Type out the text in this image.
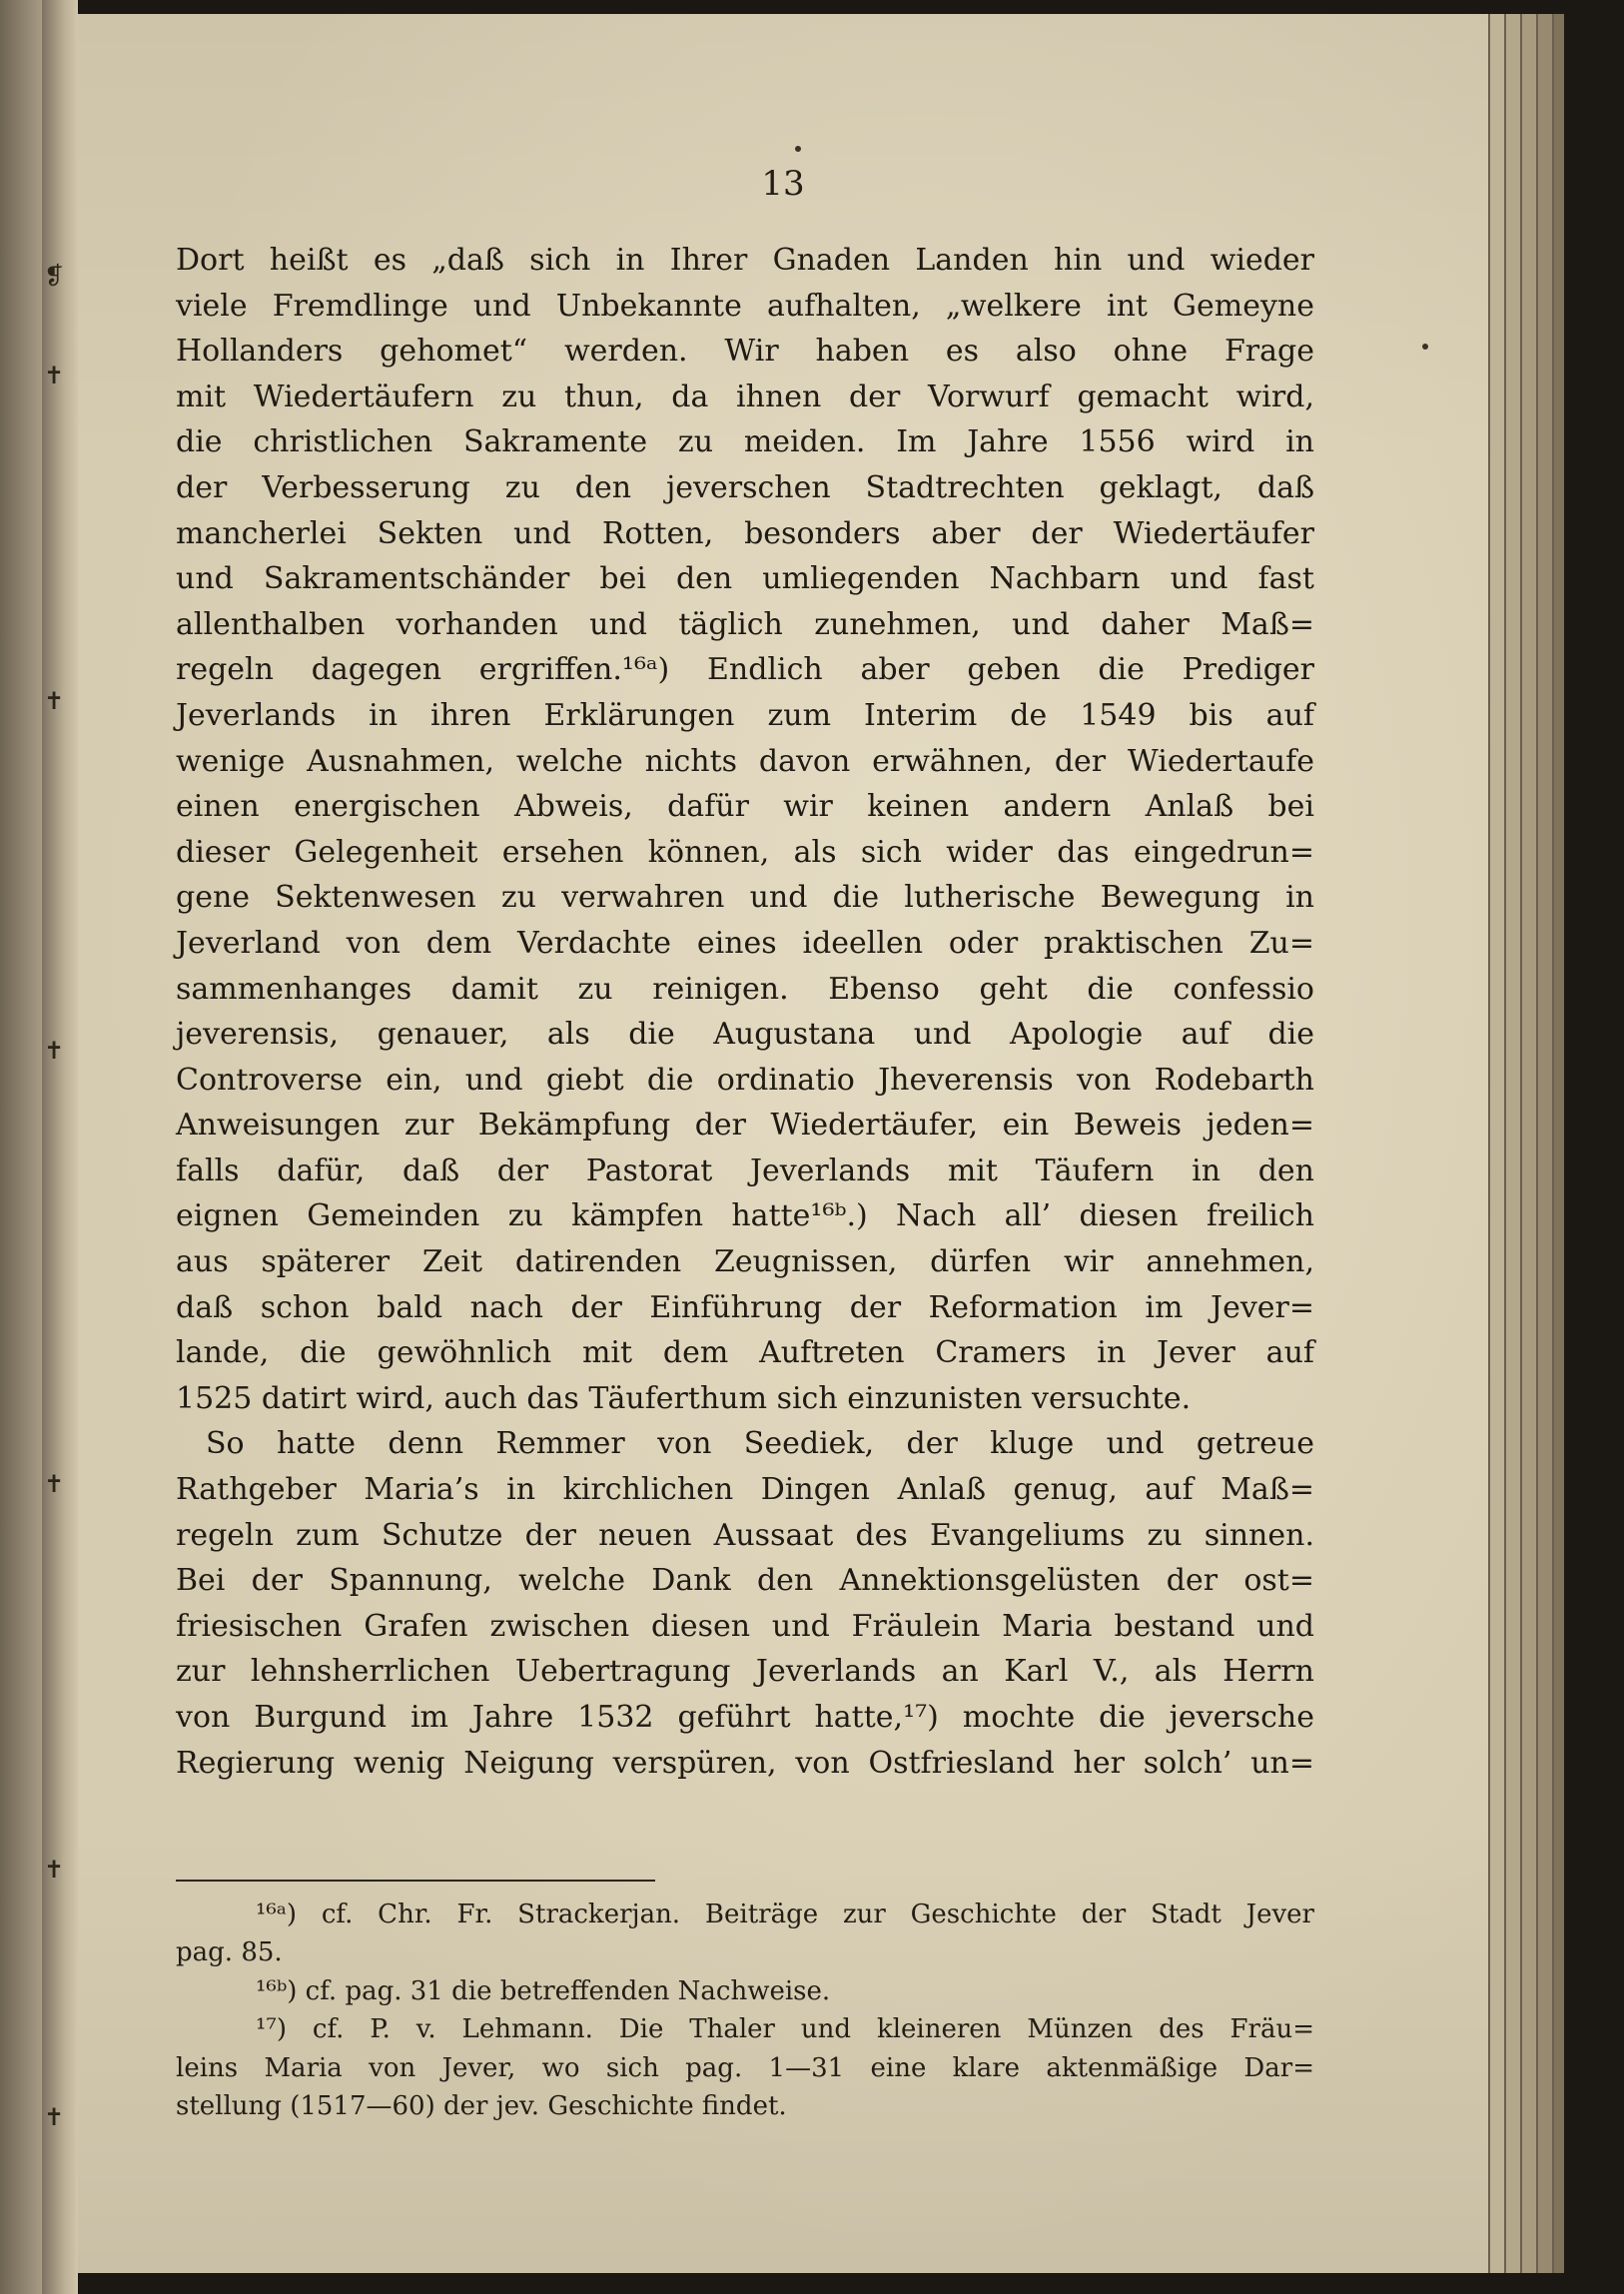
13
❡
✝
✝
✝
✝
✝
✝
Dort heißt es „daß sich in Ihrer Gnaden Landen hin und wieder
viele Fremdlinge und Unbekannte aufhalten, „welkere int Gemeyne
Hollanders gehomet“ werden. Wir haben es also ohne Frage
mit Wiedertäufern zu thun, da ihnen der Vorwurf gemacht wird,
die christlichen Sakramente zu meiden. Im Jahre 1556 wird in
der Verbesserung zu den jeverschen Stadtrechten geklagt, daß
mancherlei Sekten und Rotten, besonders aber der Wiedertäufer
und Sakramentschänder bei den umliegenden Nachbarn und fast
allenthalben vorhanden und täglich zunehmen, und daher Maß=
regeln dagegen ergriffen.¹⁶ᵃ) Endlich aber geben die Prediger
Jeverlands in ihren Erklärungen zum Interim de 1549 bis auf
wenige Ausnahmen, welche nichts davon erwähnen, der Wiedertaufe
einen energischen Abweis, dafür wir keinen andern Anlaß bei
dieser Gelegenheit ersehen können, als sich wider das eingedrun=
gene Sektenwesen zu verwahren und die lutherische Bewegung in
Jeverland von dem Verdachte eines ideellen oder praktischen Zu=
sammenhanges damit zu reinigen. Ebenso geht die confessio
jeverensis, genauer, als die Augustana und Apologie auf die
Controverse ein, und giebt die ordinatio Jheverensis von Rodebarth
Anweisungen zur Bekämpfung der Wiedertäufer, ein Beweis jeden=
falls dafür, daß der Pastorat Jeverlands mit Täufern in den
eignen Gemeinden zu kämpfen hatte¹⁶ᵇ.) Nach all’ diesen freilich
aus späterer Zeit datirenden Zeugnissen, dürfen wir annehmen,
daß schon bald nach der Einführung der Reformation im Jever=
lande, die gewöhnlich mit dem Auftreten Cramers in Jever auf
1525 datirt wird, auch das Täuferthum sich einzunisten versuchte.
So hatte denn Remmer von Seediek, der kluge und getreue
Rathgeber Maria’s in kirchlichen Dingen Anlaß genug, auf Maß=
regeln zum Schutze der neuen Aussaat des Evangeliums zu sinnen.
Bei der Spannung, welche Dank den Annektionsgelüsten der ost=
friesischen Grafen zwischen diesen und Fräulein Maria bestand und
zur lehnsherrlichen Uebertragung Jeverlands an Karl V., als Herrn
von Burgund im Jahre 1532 geführt hatte,¹⁷) mochte die jeversche
Regierung wenig Neigung verspüren, von Ostfriesland her solch’ un=
¹⁶ᵃ) cf. Chr. Fr. Strackerjan. Beiträge zur Geschichte der Stadt Jever
pag. 85.
¹⁶ᵇ) cf. pag. 31 die betreffenden Nachweise.
¹⁷) cf. P. v. Lehmann. Die Thaler und kleineren Münzen des Fräu=
leins Maria von Jever, wo sich pag. 1—31 eine klare aktenmäßige Dar=
stellung (1517—60) der jev. Geschichte findet.
